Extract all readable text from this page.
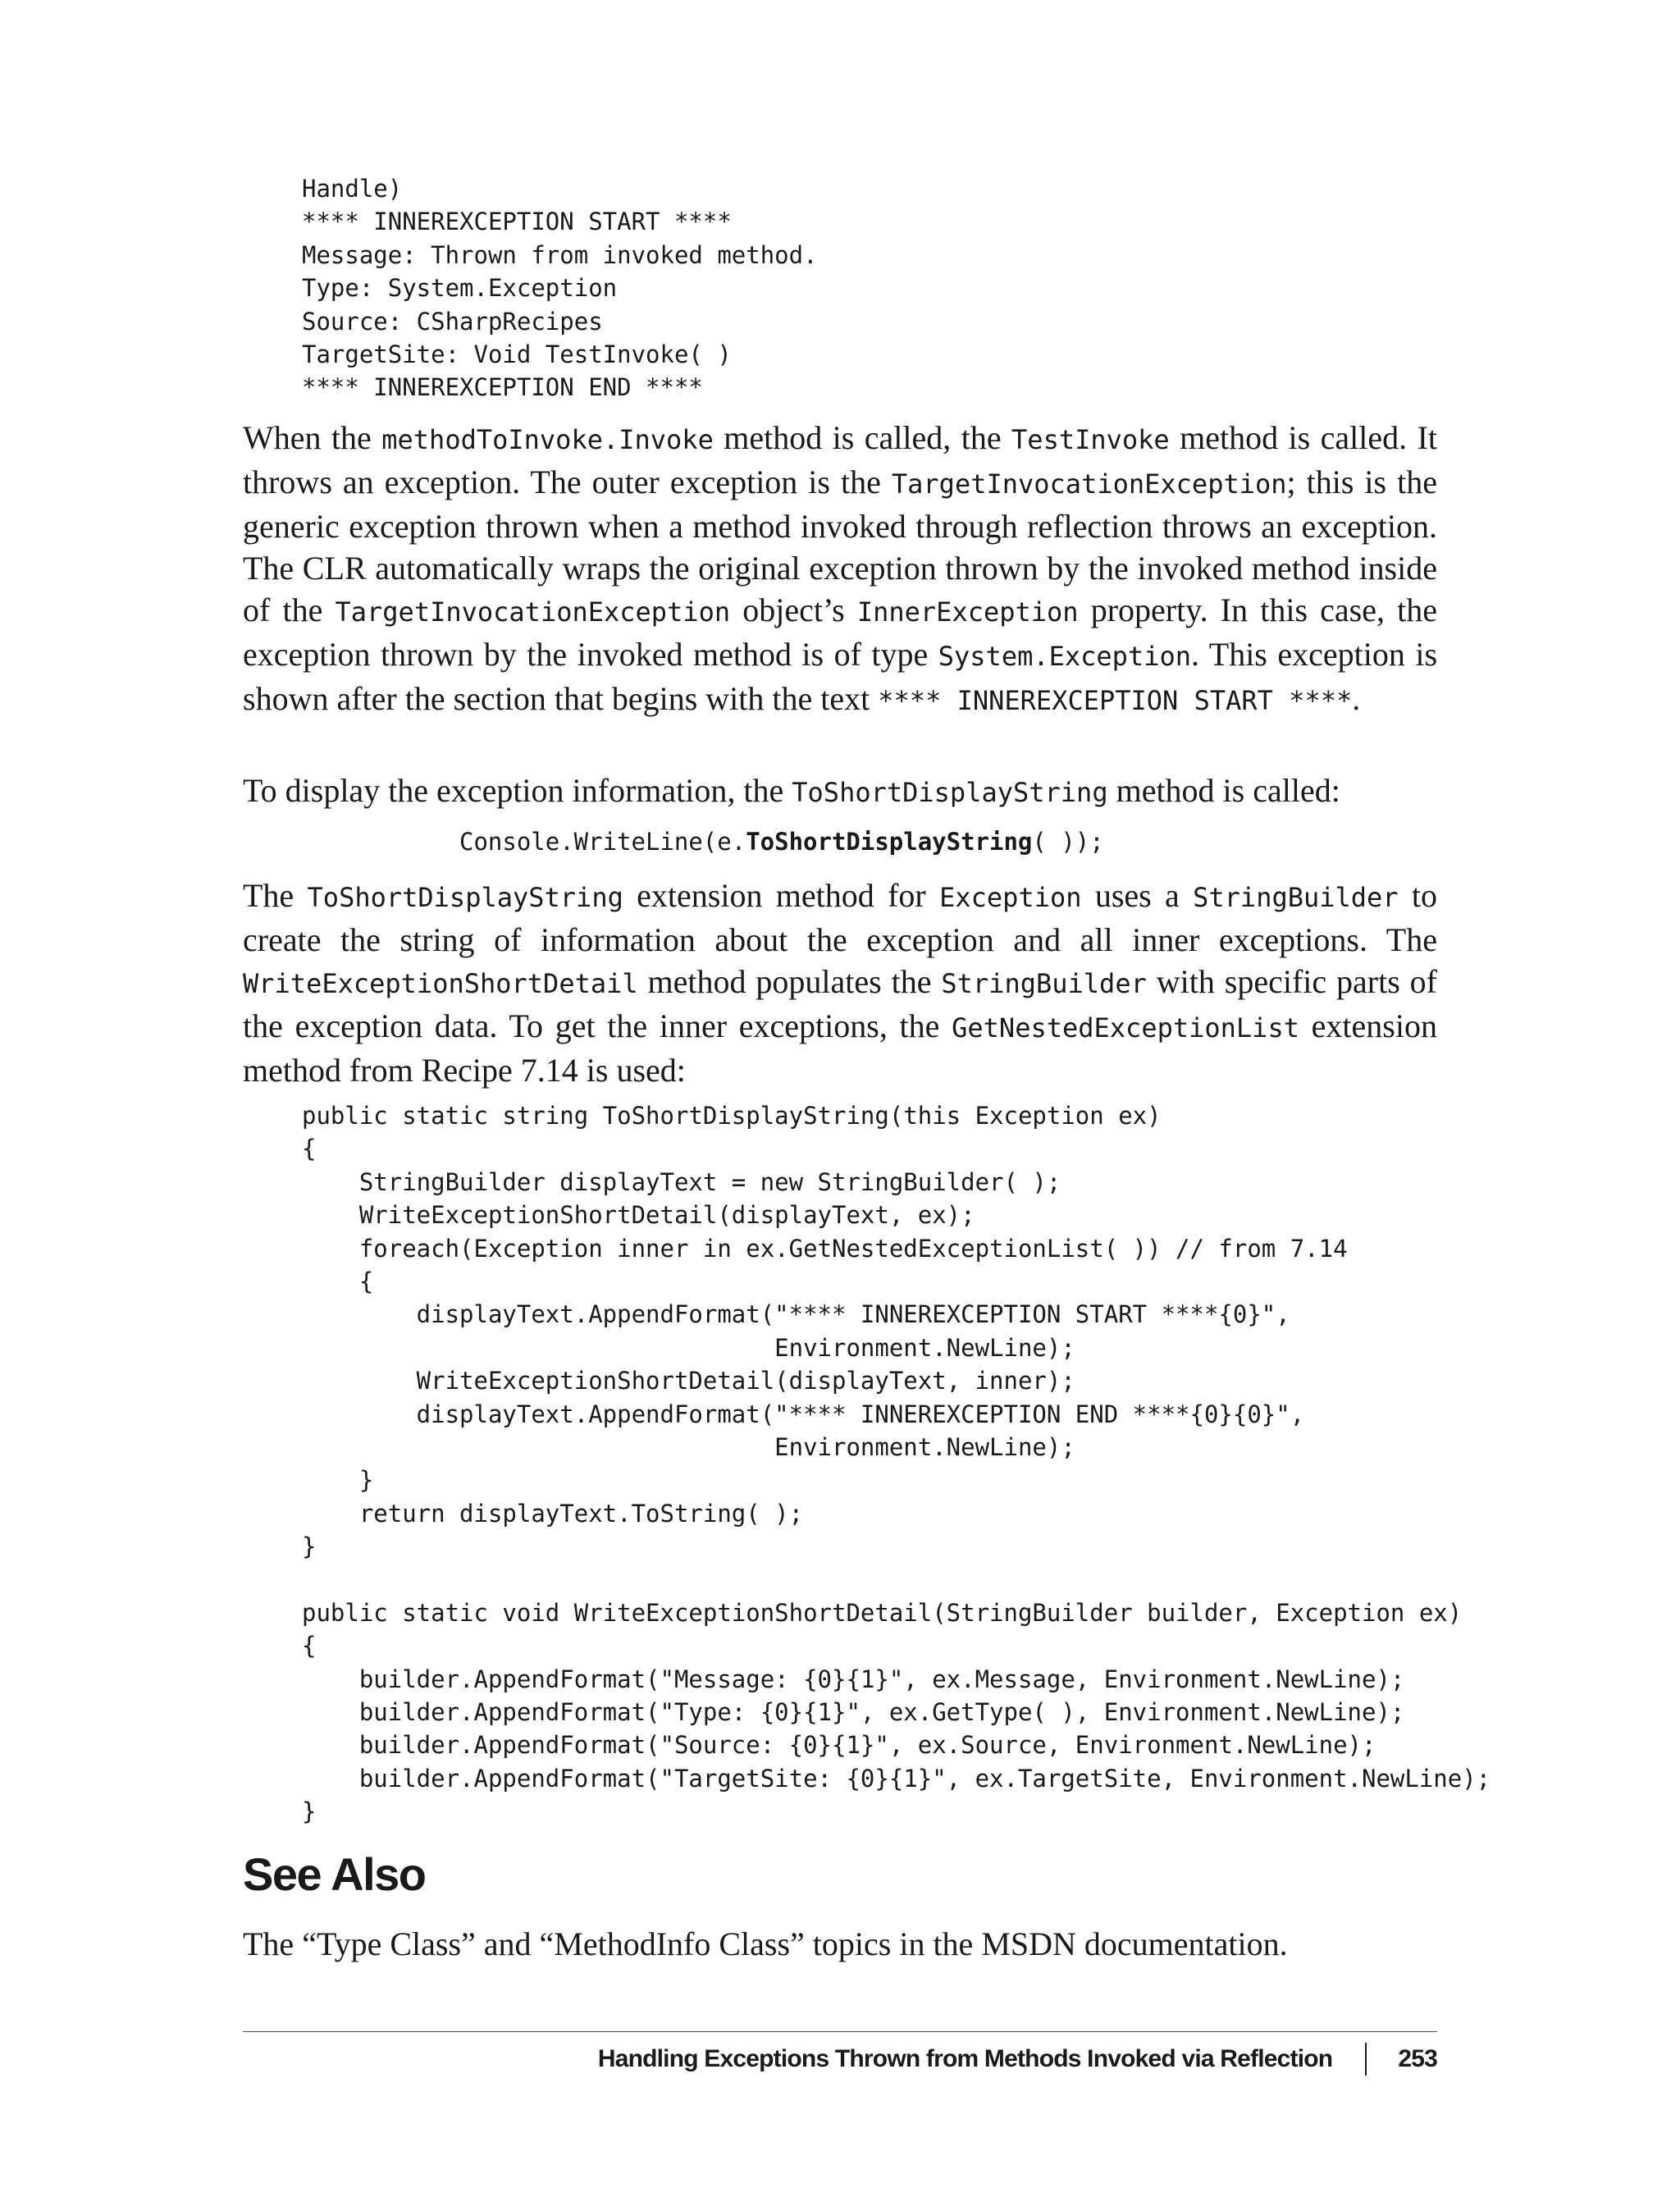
Handle)
**** INNEREXCEPTION START ****
Message: Thrown from invoked method.
Type: System.Exception
Source: CSharpRecipes
TargetSite: Void TestInvoke( )
**** INNEREXCEPTION END ****

When the methodToInvoke.Invoke method is called, the TestInvoke method is called. It throws an exception. The outer exception is the TargetInvocationException; this is the generic exception thrown when a method invoked through reflection throws an exception. The CLR automatically wraps the original exception thrown by the invoked method inside of the TargetInvocationException object’s InnerException property. In this case, the exception thrown by the invoked method is of type System.Exception. This exception is shown after the section that begins with the text **** INNEREXCEPTION START ****.

To display the exception information, the ToShortDisplayString method is called:

Console.WriteLine(e.ToShortDisplayString( ));

The ToShortDisplayString extension method for Exception uses a StringBuilder to create the string of information about the exception and all inner exceptions. The WriteExceptionShortDetail method populates the StringBuilder with specific parts of the exception data. To get the inner exceptions, the GetNestedExceptionList extension method from Recipe 7.14 is used:

public static string ToShortDisplayString(this Exception ex)
{
StringBuilder displayText = new StringBuilder( );
WriteExceptionShortDetail(displayText, ex);
foreach(Exception inner in ex.GetNestedExceptionList( )) // from 7.14
{
displayText.AppendFormat("**** INNEREXCEPTION START ****{0}",
Environment.NewLine);
WriteExceptionShortDetail(displayText, inner);
displayText.AppendFormat("**** INNEREXCEPTION END ****{0}{0}",
Environment.NewLine);
}
return displayText.ToString( );
}
public static void WriteExceptionShortDetail(StringBuilder builder, Exception ex)
{
builder.AppendFormat("Message: {0}{1}", ex.Message, Environment.NewLine);
builder.AppendFormat("Type: {0}{1}", ex.GetType( ), Environment.NewLine);
builder.AppendFormat("Source: {0}{1}", ex.Source, Environment.NewLine);
builder.AppendFormat("TargetSite: {0}{1}", ex.TargetSite, Environment.NewLine);
}
See Also

The “Type Class” and “MethodInfo Class” topics in the MSDN documentation.

Handling Exceptions Thrown from Methods Invoked via Reflection	253
